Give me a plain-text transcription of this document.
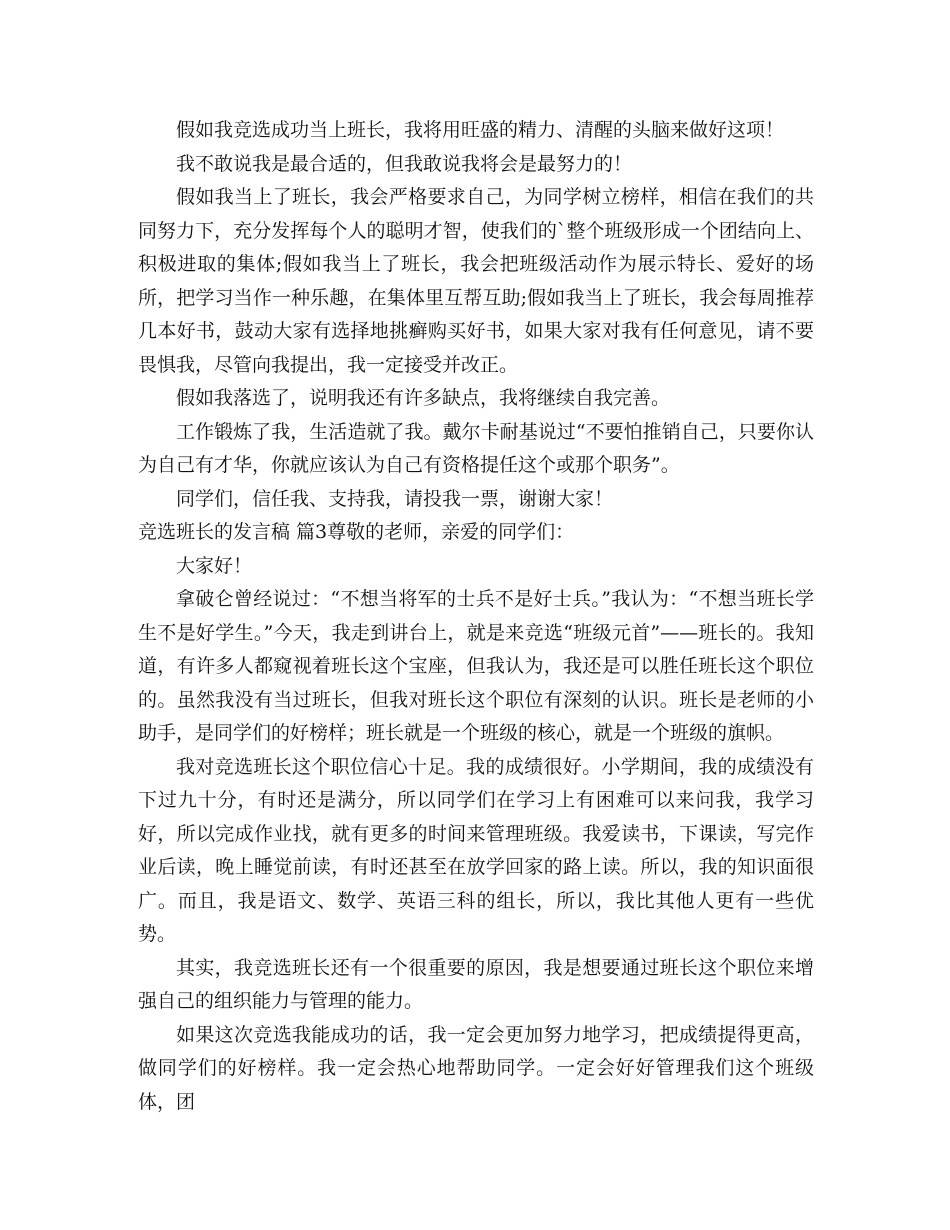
假如我竞选成功当上班长，我将用旺盛的精力、清醒的头脑来做好这项！

我不敢说我是最合适的，但我敢说我将会是最努力的！

假如我当上了班长，我会严格要求自己，为同学树立榜样，相信在我们的共同努力下，充分发挥每个人的聪明才智，使我们的`整个班级形成一个团结向上、积极进取的集体;假如我当上了班长，我会把班级活动作为展示特长、爱好的场所，把学习当作一种乐趣，在集体里互帮互助;假如我当上了班长，我会每周推荐几本好书，鼓动大家有选择地挑癣购买好书，如果大家对我有任何意见，请不要畏惧我，尽管向我提出，我一定接受并改正。

假如我落选了，说明我还有许多缺点，我将继续自我完善。

工作锻炼了我，生活造就了我。戴尔卡耐基说过“不要怕推销自己，只要你认为自己有才华，你就应该认为自己有资格提任这个或那个职务”。

同学们，信任我、支持我，请投我一票，谢谢大家！

竞选班长的发言稿 篇3尊敬的老师，亲爱的同学们：

大家好！

拿破仑曾经说过：“不想当将军的士兵不是好士兵。”我认为：“不想当班长学生不是好学生。”今天，我走到讲台上，就是来竞选“班级元首”——班长的。我知道，有许多人都窥视着班长这个宝座，但我认为，我还是可以胜任班长这个职位的。虽然我没有当过班长，但我对班长这个职位有深刻的认识。班长是老师的小助手，是同学们的好榜样；班长就是一个班级的核心，就是一个班级的旗帜。

我对竞选班长这个职位信心十足。我的成绩很好。小学期间，我的成绩没有下过九十分，有时还是满分，所以同学们在学习上有困难可以来问我，我学习好，所以完成作业找，就有更多的时间来管理班级。我爱读书，下课读，写完作业后读，晚上睡觉前读，有时还甚至在放学回家的路上读。所以，我的知识面很广。而且，我是语文、数学、英语三科的组长，所以，我比其他人更有一些优势。

其实，我竞选班长还有一个很重要的原因，我是想要通过班长这个职位来增强自己的组织能力与管理的能力。

如果这次竞选我能成功的话，我一定会更加努力地学习，把成绩提得更高，做同学们的好榜样。我一定会热心地帮助同学。一定会好好管理我们这个班级体，团
